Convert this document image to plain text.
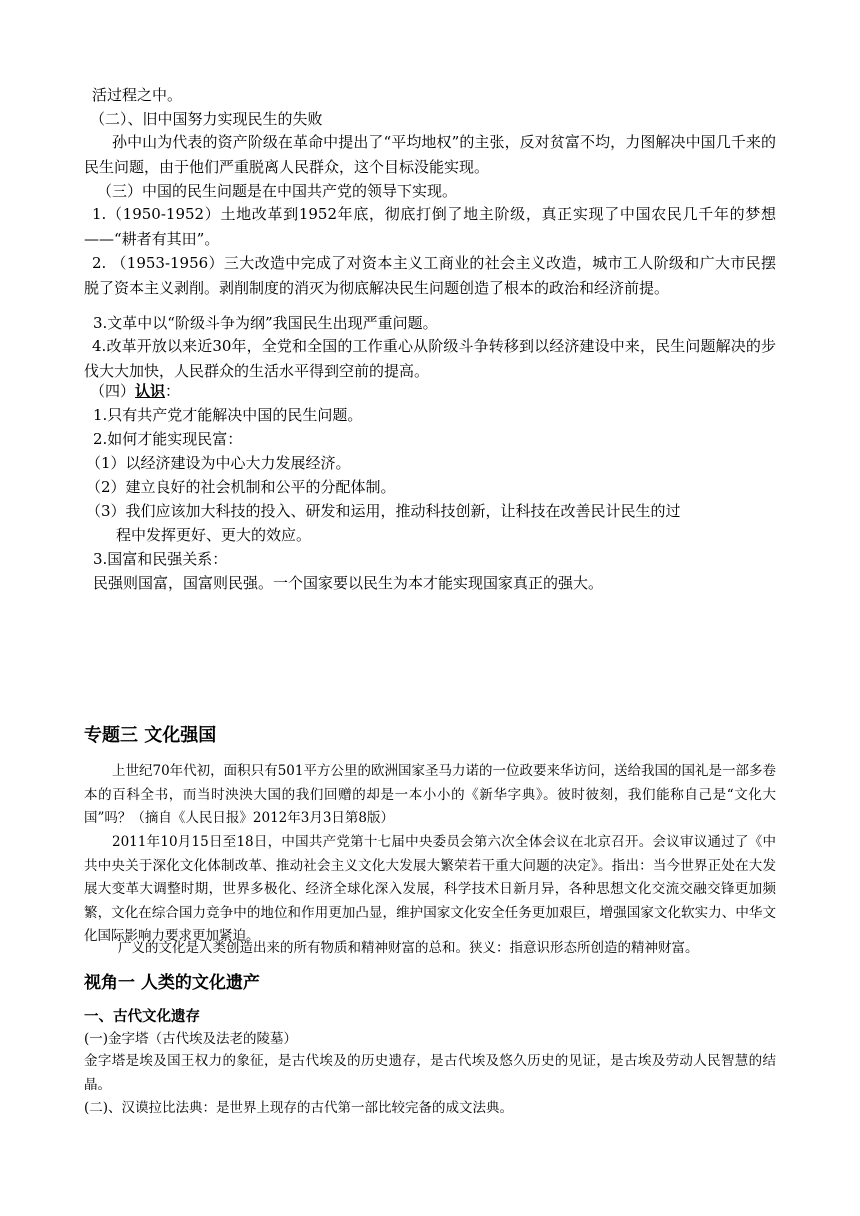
活过程之中。
（二）、旧中国努力实现民生的失败
孙中山为代表的资产阶级在革命中提出了“平均地权”的主张，反对贫富不均，力图解决中国几千来的民生问题，由于他们严重脱离人民群众，这个目标没能实现。
（三）中国的民生问题是在中国共产党的领导下实现。
1.（1950-1952）土地改革到1952年底，彻底打倒了地主阶级，真正实现了中国农民几千年的梦想——“耕者有其田”。
2. （1953-1956）三大改造中完成了对资本主义工商业的社会主义改造，城市工人阶级和广大市民摆脱了资本主义剥削。剥削制度的消灭为彻底解决民生问题创造了根本的政治和经济前提。
3.文革中以“阶级斗争为纲”我国民生出现严重问题。
4.改革开放以来近30年，全党和全国的工作重心从阶级斗争转移到以经济建设中来，民生问题解决的步伐大大加快，人民群众的生活水平得到空前的提高。
（四）认识：
1.只有共产党才能解决中国的民生问题。
2.如何才能实现民富：
（1）以经济建设为中心大力发展经济。
（2）建立良好的社会机制和公平的分配体制。
（3）我们应该加大科技的投入、研发和运用，推动科技创新，让科技在改善民计民生的过
程中发挥更好、更大的效应。
3.国富和民强关系：
民强则国富，国富则民强。一个国家要以民生为本才能实现国家真正的强大。
专题三 文化强国
上世纪70年代初，面积只有501平方公里的欧洲国家圣马力诺的一位政要来华访问，送给我国的国礼是一部多卷本的百科全书，而当时泱泱大国的我们回赠的却是一本小小的《新华字典》。彼时彼刻，我们能称自己是“文化大国”吗？（摘自《人民日报》2012年3月3日第8版）
2011年10月15日至18日，中国共产党第十七届中央委员会第六次全体会议在北京召开。会议审议通过了《中共中央关于深化文化体制改革、推动社会主义文化大发展大繁荣若干重大问题的决定》。指出：当今世界正处在大发展大变革大调整时期，世界多极化、经济全球化深入发展，科学技术日新月异，各种思想文化交流交融交锋更加频繁，文化在综合国力竞争中的地位和作用更加凸显，维护国家文化安全任务更加艰巨，增强国家文化软实力、中华文化国际影响力要求更加紧迫。
广义的文化是人类创造出来的所有物质和精神财富的总和。狭义：指意识形态所创造的精神财富。
视角一 人类的文化遗产
一、古代文化遗存
(一)金字塔（古代埃及法老的陵墓）
金字塔是埃及国王权力的象征，是古代埃及的历史遗存，是古代埃及悠久历史的见证，是古埃及劳动人民智慧的结晶。
(二)、汉谟拉比法典：是世界上现存的古代第一部比较完备的成文法典。
